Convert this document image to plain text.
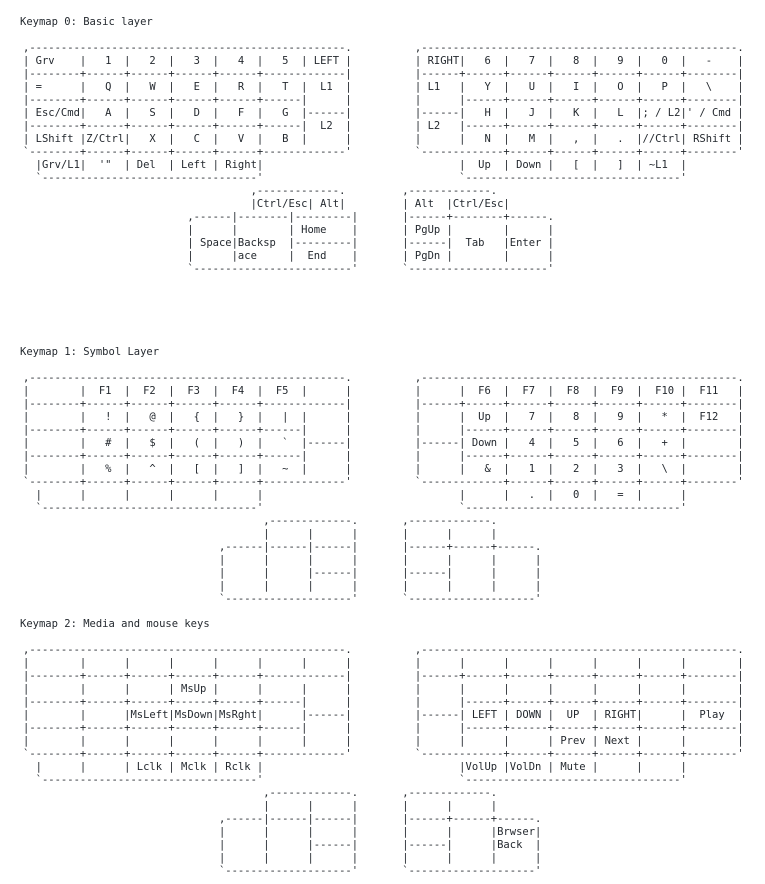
Keymap 0: Basic layer
,--------------------------------------------------.          ,--------------------------------------------------.
| Grv    |   1  |   2  |   3  |   4  |   5  | LEFT |          | RIGHT|   6  |   7  |   8  |   9  |   0  |   -    |
|--------+------+------+------+------+-------------|          |------+------+------+------+------+------+--------|
| =      |   Q  |   W  |   E  |   R  |   T  |  L1  |          | L1   |   Y  |   U  |   I  |   O  |   P  |   \    |
|--------+------+------+------+------+------|      |          |      |------+------+------+------+------+--------|
| Esc/Cmd|   A  |   S  |   D  |   F  |   G  |------|          |------|   H  |   J  |   K  |   L  |; / L2|' / Cmd |
|--------+------+------+------+------+------|  L2  |          | L2   |------+------+------+------+------+--------|
| LShift |Z/Ctrl|   X  |   C  |   V  |   B  |      |          |      |   N  |   M  |   ,  |   .  |//Ctrl| RShift |
`--------+------+------+------+------+-------------'          `-------------+------+------+------+------+--------'
|Grv/L1|  '"  | Del  | Left | Right|                               |  Up  | Down |   [  |   ]  | ~L1  |
`----------------------------------'                               `----------------------------------'
,-------------.         ,-------------.
|Ctrl/Esc| Alt|         | Alt  |Ctrl/Esc|
,------|--------|---------|       |------+--------+------.
|      |        | Home    |       | PgUp |        |      |
| Space|Backsp  |---------|       |------|  Tab   |Enter |
|      |ace     |  End    |       | PgDn |        |      |
`-------------------------'       `----------------------'
Keymap 1: Symbol Layer
,--------------------------------------------------.          ,--------------------------------------------------.
|        |  F1  |  F2  |  F3  |  F4  |  F5  |      |          |      |  F6  |  F7  |  F8  |  F9  |  F10 |  F11   |
|--------+------+------+------+------+-------------|          |------+------+------+------+------+------+--------|
|        |   !  |   @  |   {  |   }  |   |  |      |          |      |  Up  |   7  |   8  |   9  |   *  |  F12   |
|--------+------+------+------+------+------|      |          |      |------+------+------+------+------+--------|
|        |   #  |   $  |   (  |   )  |   `  |------|          |------| Down |   4  |   5  |   6  |   +  |        |
|--------+------+------+------+------+------|      |          |      |------+------+------+------+------+--------|
|        |   %  |   ^  |   [  |   ]  |   ~  |      |          |      |   &  |   1  |   2  |   3  |   \  |        |
`--------+------+------+------+------+-------------'          `-------------+------+------+------+------+--------'
|      |      |      |      |      |                               |      |   .  |   0  |   =  |      |
`----------------------------------'                               `----------------------------------'
,-------------.       ,-------------.
|      |      |       |      |      |
,------|------|------|       |------+------+------.
|      |      |      |       |      |      |      |
|      |      |------|       |------|      |      |
|      |      |      |       |      |      |      |
`--------------------'       `--------------------'
Keymap 2: Media and mouse keys
,--------------------------------------------------.          ,--------------------------------------------------.
|        |      |      |      |      |      |      |          |      |      |      |      |      |      |        |
|--------+------+------+------+------+-------------|          |------+------+------+------+------+------+--------|
|        |      |      | MsUp |      |      |      |          |      |      |      |      |      |      |        |
|--------+------+------+------+------+------|      |          |      |------+------+------+------+------+--------|
|        |      |MsLeft|MsDown|MsRght|      |------|          |------| LEFT | DOWN |  UP  | RIGHT|      |  Play  |
|--------+------+------+------+------+------|      |          |      |------+------+------+------+------+--------|
|        |      |      |      |      |      |      |          |      |      |      | Prev | Next |      |        |
`--------+------+------+------+------+-------------'          `-------------+------+------+------+------+--------'
|      |      | Lclk | Mclk | Rclk |                               |VolUp |VolDn | Mute |      |      |
`----------------------------------'                               `----------------------------------'
,-------------.       ,-------------.
|      |      |       |      |      |
,------|------|------|       |------+------+------.
|      |      |      |       |      |      |Brwser|
|      |      |------|       |------|      |Back  |
|      |      |      |       |      |      |      |
`--------------------'       `--------------------'
